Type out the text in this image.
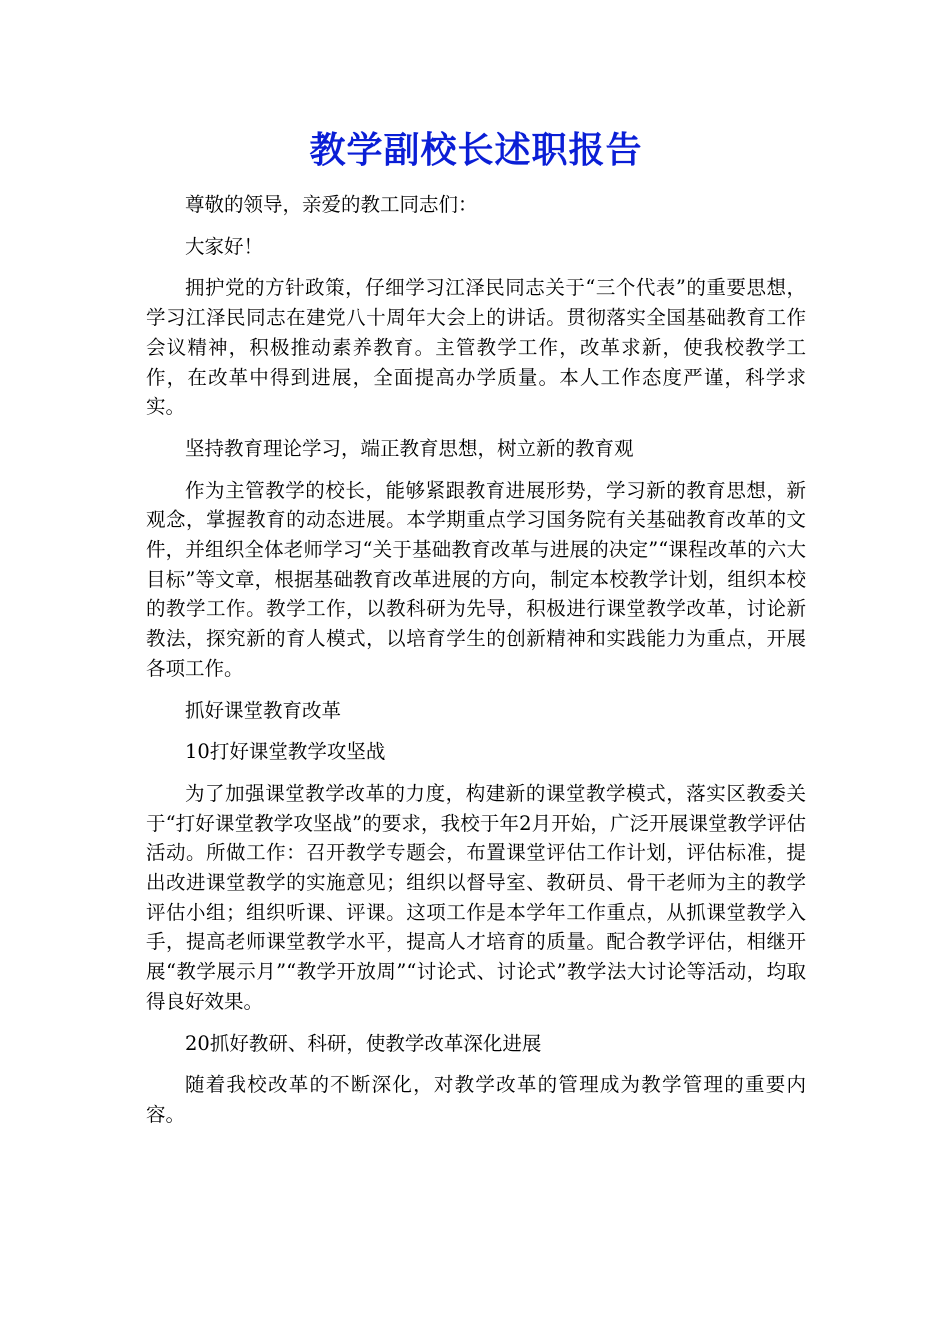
教学副校长述职报告

尊敬的领导，亲爱的教工同志们：

大家好！

拥护党的方针政策，仔细学习江泽民同志关于“三个代表”的重要思想，学习江泽民同志在建党八十周年大会上的讲话。贯彻落实全国基础教育工作会议精神，积极推动素养教育。主管教学工作，改革求新，使我校教学工作，在改革中得到进展，全面提高办学质量。本人工作态度严谨，科学求实。

坚持教育理论学习，端正教育思想，树立新的教育观

作为主管教学的校长，能够紧跟教育进展形势，学习新的教育思想，新观念，掌握教育的动态进展。本学期重点学习国务院有关基础教育改革的文件，并组织全体老师学习“关于基础教育改革与进展的决定”“课程改革的六大目标”等文章，根据基础教育改革进展的方向，制定本校教学计划，组织本校的教学工作。教学工作，以教科研为先导，积极进行课堂教学改革，讨论新教法，探究新的育人模式，以培育学生的创新精神和实践能力为重点，开展各项工作。

抓好课堂教育改革

10打好课堂教学攻坚战

为了加强课堂教学改革的力度，构建新的课堂教学模式，落实区教委关于“打好课堂教学攻坚战”的要求，我校于年2月开始，广泛开展课堂教学评估活动。所做工作：召开教学专题会，布置课堂评估工作计划，评估标准，提出改进课堂教学的实施意见；组织以督导室、教研员、骨干老师为主的教学评估小组；组织听课、评课。这项工作是本学年工作重点，从抓课堂教学入手，提高老师课堂教学水平，提高人才培育的质量。配合教学评估，相继开展“教学展示月”“教学开放周”“讨论式、讨论式”教学法大讨论等活动，均取得良好效果。

20抓好教研、科研，使教学改革深化进展

随着我校改革的不断深化，对教学改革的管理成为教学管理的重要内容。
